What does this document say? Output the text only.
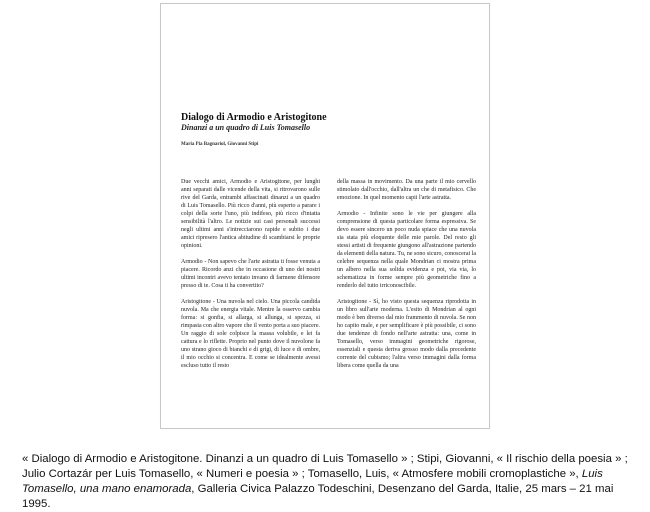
Dialogo di Armodio e Aristogitone
Dinanzi a un quadro di Luis Tomasello
Maria Pia Bagnariol, Giovanni Stipi

Due vecchi amici, Armodio e Aristogitone, per lunghi anni separati dalle vicende della vita, si ritrovarono sulle rive del Garda, entrambi affascinati dinanzi a un quadro di Luis Tomasello. Più ricco d'anni, più esperto a parare i colpi della sorte l'uno, più indifeso, più ricco d'intatta sensibilità l'altro. Le notizie sui casi personali successi negli ultimi anni s'intrecciarono rapide e subito i due amici ripresero l'antica abitudine di scambiarsi le proprie opinioni.

Armodio - Non sapevo che l'arte astratta ti fosse venuta a piacere. Ricordo anzi che in occasione di uno dei nostri ultimi incontri avevo tentato invano di farmene difensore presso di te. Cosa ti ha convertito?

Aristogitone - Una nuvola nel cielo. Una piccola candida nuvola. Ma che energia vitale. Mentre la osservo cambia forma: si gonfia, si allarga, si allunga, si spezza, si rimpasta con altro vapore che il vento porta a suo piacere. Un raggio di sole colpisce la massa volubile, e lei fa cattura e lo riflette. Proprio nel punto dove il nuvolone fa uno strano gioco di bianchi e di grigi, di luce e di ombre, il mio occhio si concentra. E come se idealmente avessi escluso tutto il resto

della massa in movimento. Da una parte il mio cervello stimolato dall'occhio, dall'altra un che di metafisico. Che emozione. In quel momento capii l'arte astratta.

Armodio - Infinite sono le vie per giungere alla comprensione di questa particolare forma espressiva. Se devo essere sincero un poco nuda spiace che una nuvola sia stata più eloquente delle mie parole. Del resto gli stessi artisti di frequente giungono all'astrazione partendo da elementi della natura. Tu, ne sono sicuro, conoscerai la celebre sequenza nella quale Mondrian ci mostra prima un albero nella sua solida evidenza e poi, via via, lo schematizza in forme sempre più geometriche fino a renderlo del tutto irriconoscibile.

Aristogitone - Sì, ho visto questa sequenza riprodotta in un libro sull'arte moderna. L'esito di Mondrian al ogni modo è ben diverso dal mio frammento di nuvola. Se non ho capito male, e per semplificare è più possibile, ci sono due tendenze di fondo nell'arte astratta: una, come in Tomasello, verso immagini geometriche rigorose, essenziali e questa deriva grosso modo dalla precedente corrente del cubismo; l'altra verso immagini dalla forma libera come quella da una

« Dialogo di Armodio e Aristogitone. Dinanzi a un quadro di Luis Tomasello » ; Stipi, Giovanni, « Il rischio della poesia » ; Julio Cortazár per Luis Tomasello, « Numeri e poesia » ; Tomasello, Luis, « Atmosfere mobili cromoplastiche », Luis Tomasello, una mano enamorada, Galleria Civica Palazzo Todeschini, Desenzano del Garda, Italie, 25 mars – 21 mai 1995.
